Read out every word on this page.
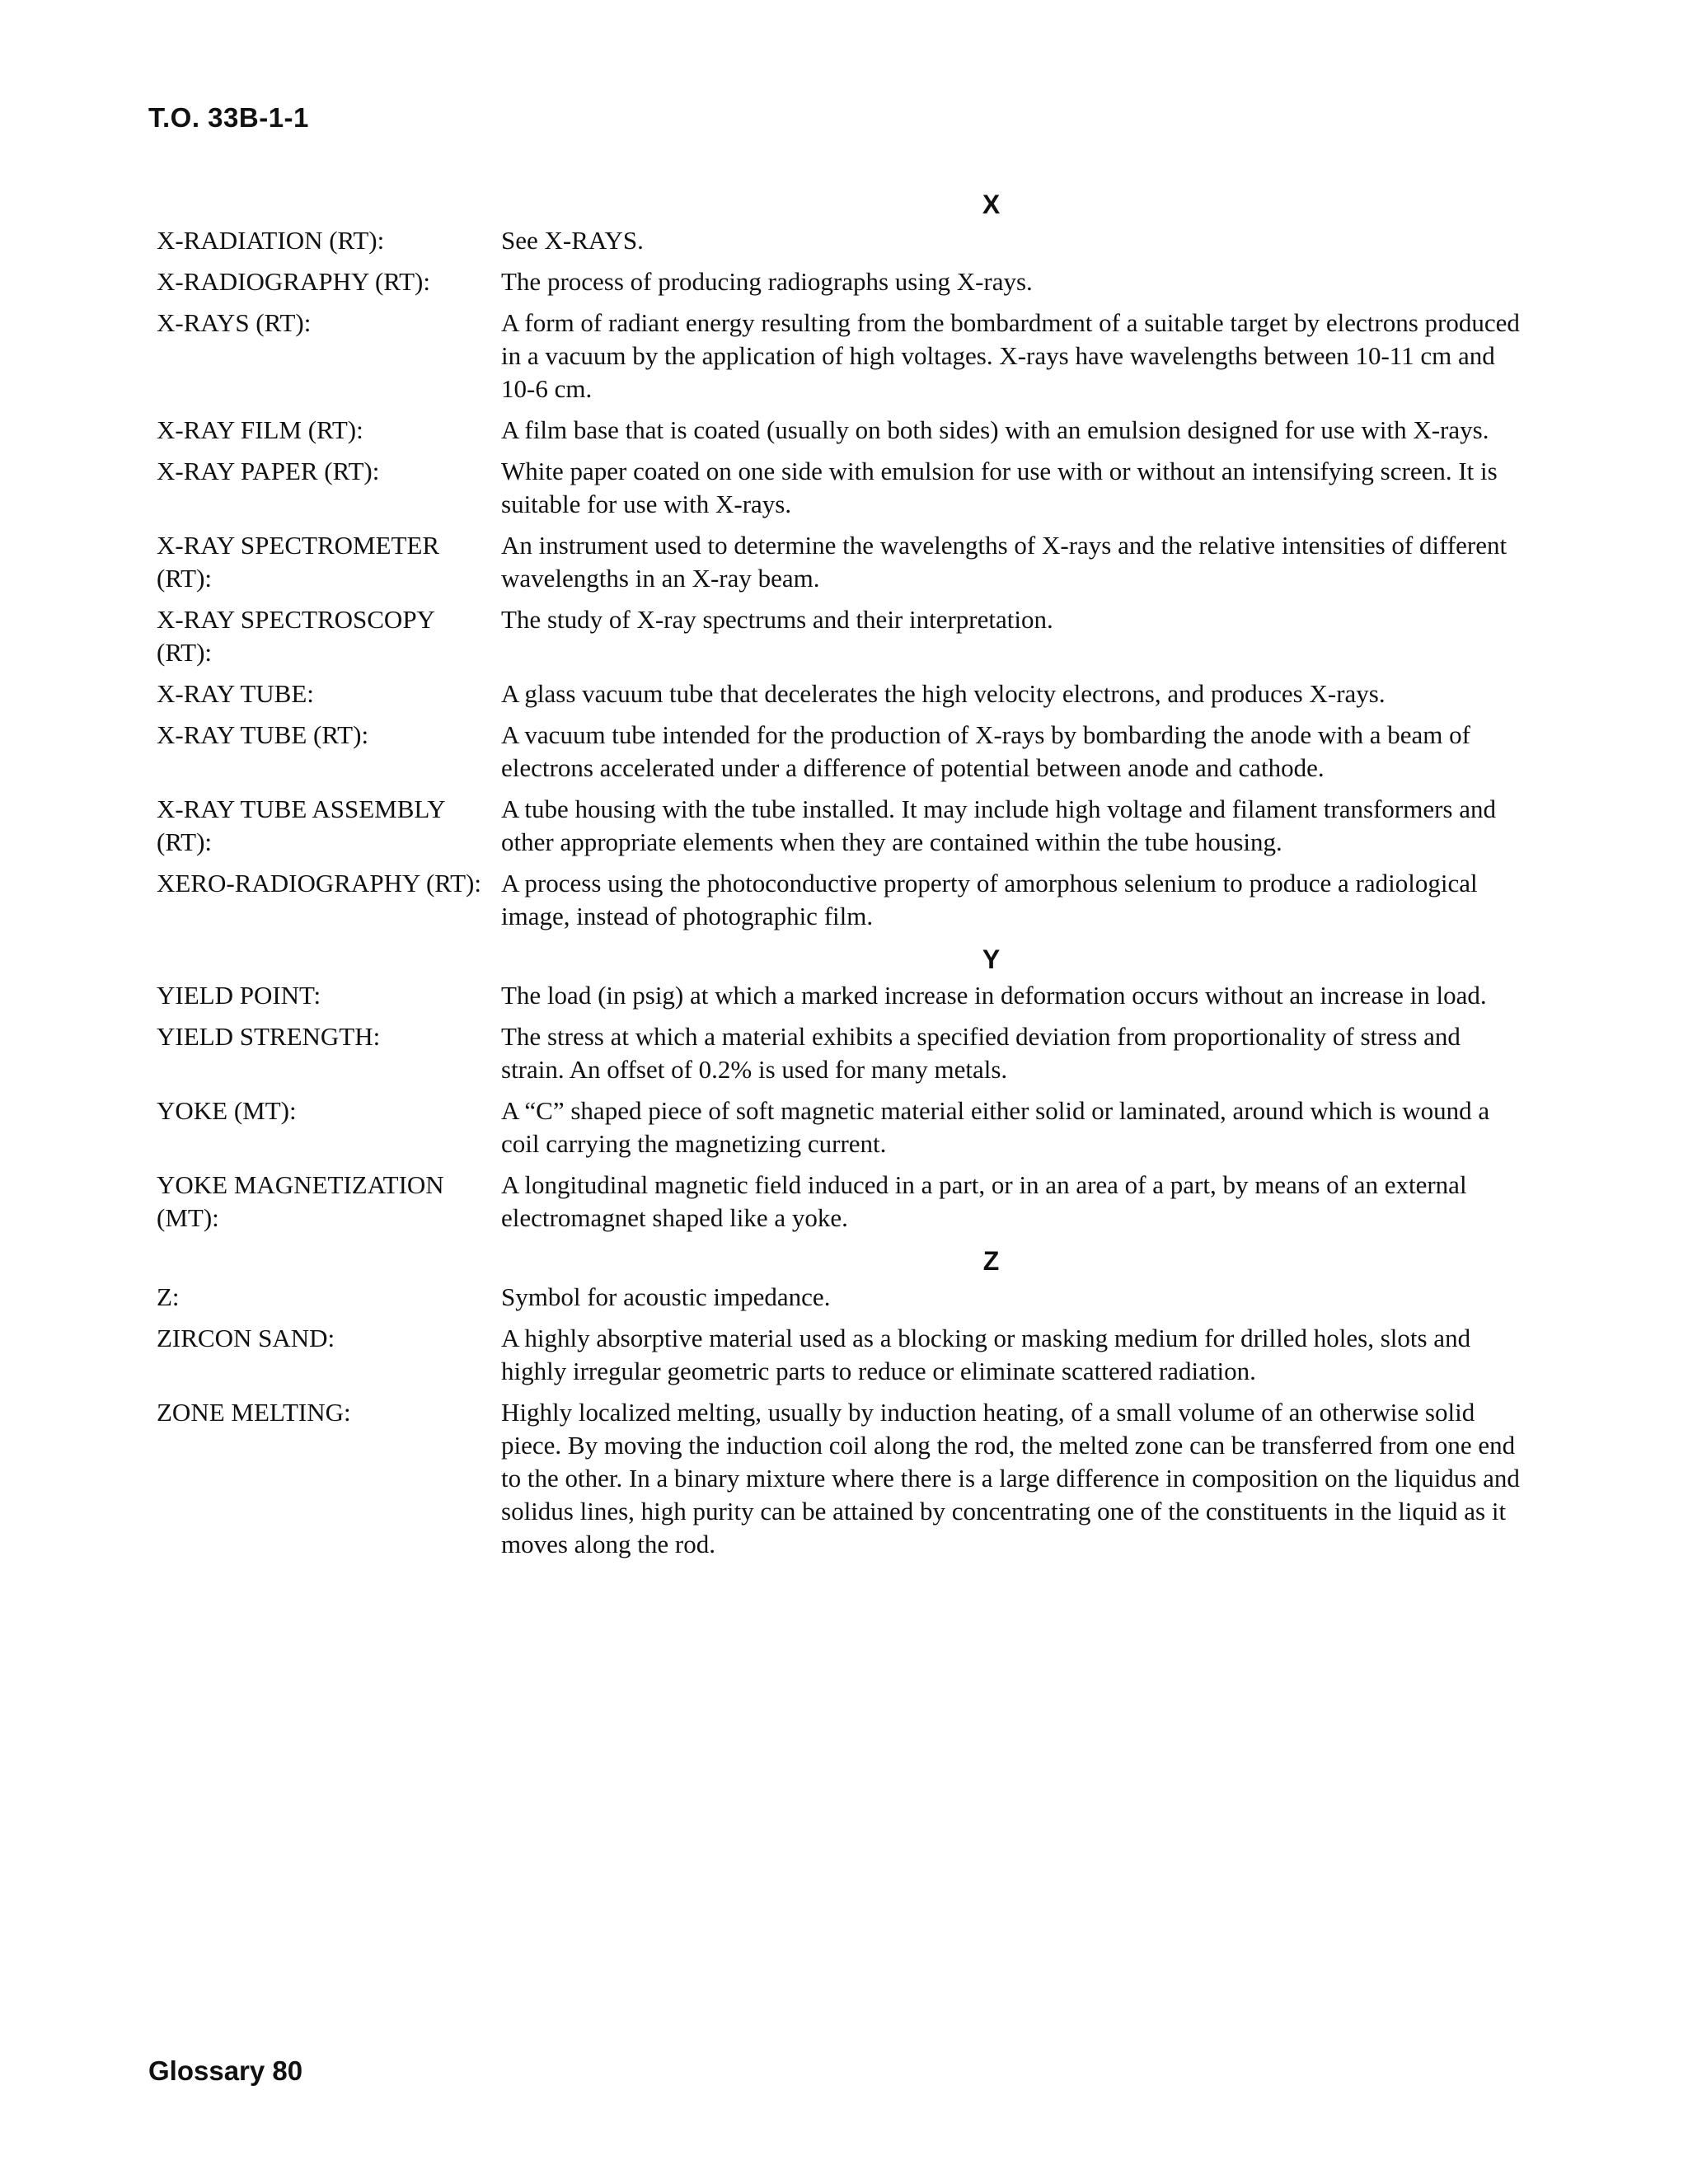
T.O. 33B-1-1
X
X-RADIATION (RT):	See X-RAYS.
X-RADIOGRAPHY (RT):	The process of producing radiographs using X-rays.
X-RAYS (RT):	A form of radiant energy resulting from the bombardment of a suitable target by electrons produced in a vacuum by the application of high voltages. X-rays have wavelengths between 10-11 cm and 10-6 cm.
X-RAY FILM (RT):	A film base that is coated (usually on both sides) with an emulsion designed for use with X-rays.
X-RAY PAPER (RT):	White paper coated on one side with emulsion for use with or without an intensifying screen. It is suitable for use with X-rays.
X-RAY SPECTROMETER (RT):
An instrument used to determine the wavelengths of X-rays and the relative intensities of different wavelengths in an X-ray beam.
X-RAY SPECTROSCOPY (RT):
The study of X-ray spectrums and their interpretation.
X-RAY TUBE:	A glass vacuum tube that decelerates the high velocity electrons, and produces X-rays.
X-RAY TUBE (RT):	A vacuum tube intended for the production of X-rays by bombarding the anode with a beam of electrons accelerated under a difference of potential between anode and cathode.
X-RAY TUBE ASSEMBLY (RT):
A tube housing with the tube installed. It may include high voltage and filament transformers and other appropriate elements when they are contained within the tube housing.
XERO-RADIOGRAPHY (RT): A process using the photoconductive property of amorphous selenium to produce a radiological image, instead of photographic film.
Y
YIELD POINT:	The load (in psig) at which a marked increase in deformation occurs without an increase in load.
YIELD STRENGTH:	The stress at which a material exhibits a specified deviation from proportionality of stress and strain. An offset of 0.2% is used for many metals.
YOKE (MT):	A “C” shaped piece of soft magnetic material either solid or laminated, around which is wound a coil carrying the magnetizing current.
YOKE MAGNETIZATION (MT):
A longitudinal magnetic field induced in a part, or in an area of a part, by means of an external electromagnet shaped like a yoke.
Z
Z:	Symbol for acoustic impedance.
ZIRCON SAND:	A highly absorptive material used as a blocking or masking medium for drilled holes, slots and highly irregular geometric parts to reduce or eliminate scattered radiation.
ZONE MELTING:	Highly localized melting, usually by induction heating, of a small volume of an otherwise solid piece. By moving the induction coil along the rod, the melted zone can be transferred from one end to the other. In a binary mixture where there is a large difference in composition on the liquidus and solidus lines, high purity can be attained by concentrating one of the constituents in the liquid as it moves along the rod.
Glossary 80
